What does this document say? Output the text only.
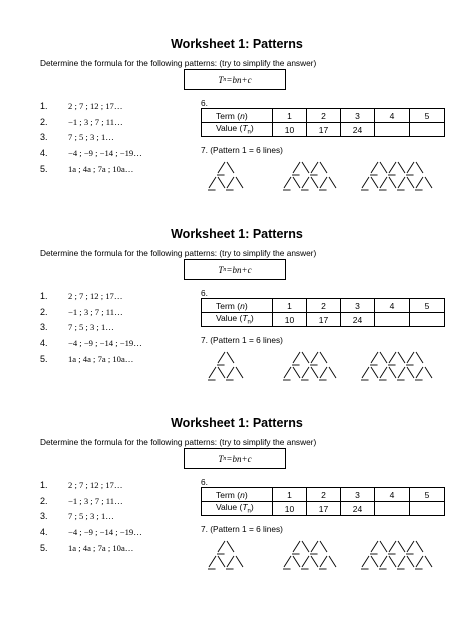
Worksheet 1: Patterns
Determine the formula for the following patterns: (try to simplify the answer)
T n =bn+c
1.	2 ; 7 ; 12 ; 17…
2.	−1 ; 3 ; 7 ; 11…
3.	7 ; 5 ; 3 ; 1…
4.	−4 ; −9 ; −14 ; −19…
5.	1a ; 4a ; 7a ; 10a…
6.
Term (n)	1	2	3	4	5
Value $(T_n)$	10	17	24		
7. (Pattern 1 = 6 lines)
Worksheet 1: Patterns
Determine the formula for the following patterns: (try to simplify the answer)
T n =bn+c
1.	2 ; 7 ; 12 ; 17…
2.	−1 ; 3 ; 7 ; 11…
3.	7 ; 5 ; 3 ; 1…
4.	−4 ; −9 ; −14 ; −19…
5.	1a ; 4a ; 7a ; 10a…
6.
Term (n)	1	2	3	4	5
Value $(T_n)$	10	17	24		
7. (Pattern 1 = 6 lines)
Worksheet 1: Patterns
Determine the formula for the following patterns: (try to simplify the answer)
T n =bn+c
1.	2 ; 7 ; 12 ; 17…
2.	−1 ; 3 ; 7 ; 11…
3.	7 ; 5 ; 3 ; 1…
4.	−4 ; −9 ; −14 ; −19…
5.	1a ; 4a ; 7a ; 10a…
6.
Term (n)	1	2	3	4	5
Value $(T_n)$	10	17	24		
7. (Pattern 1 = 6 lines)
